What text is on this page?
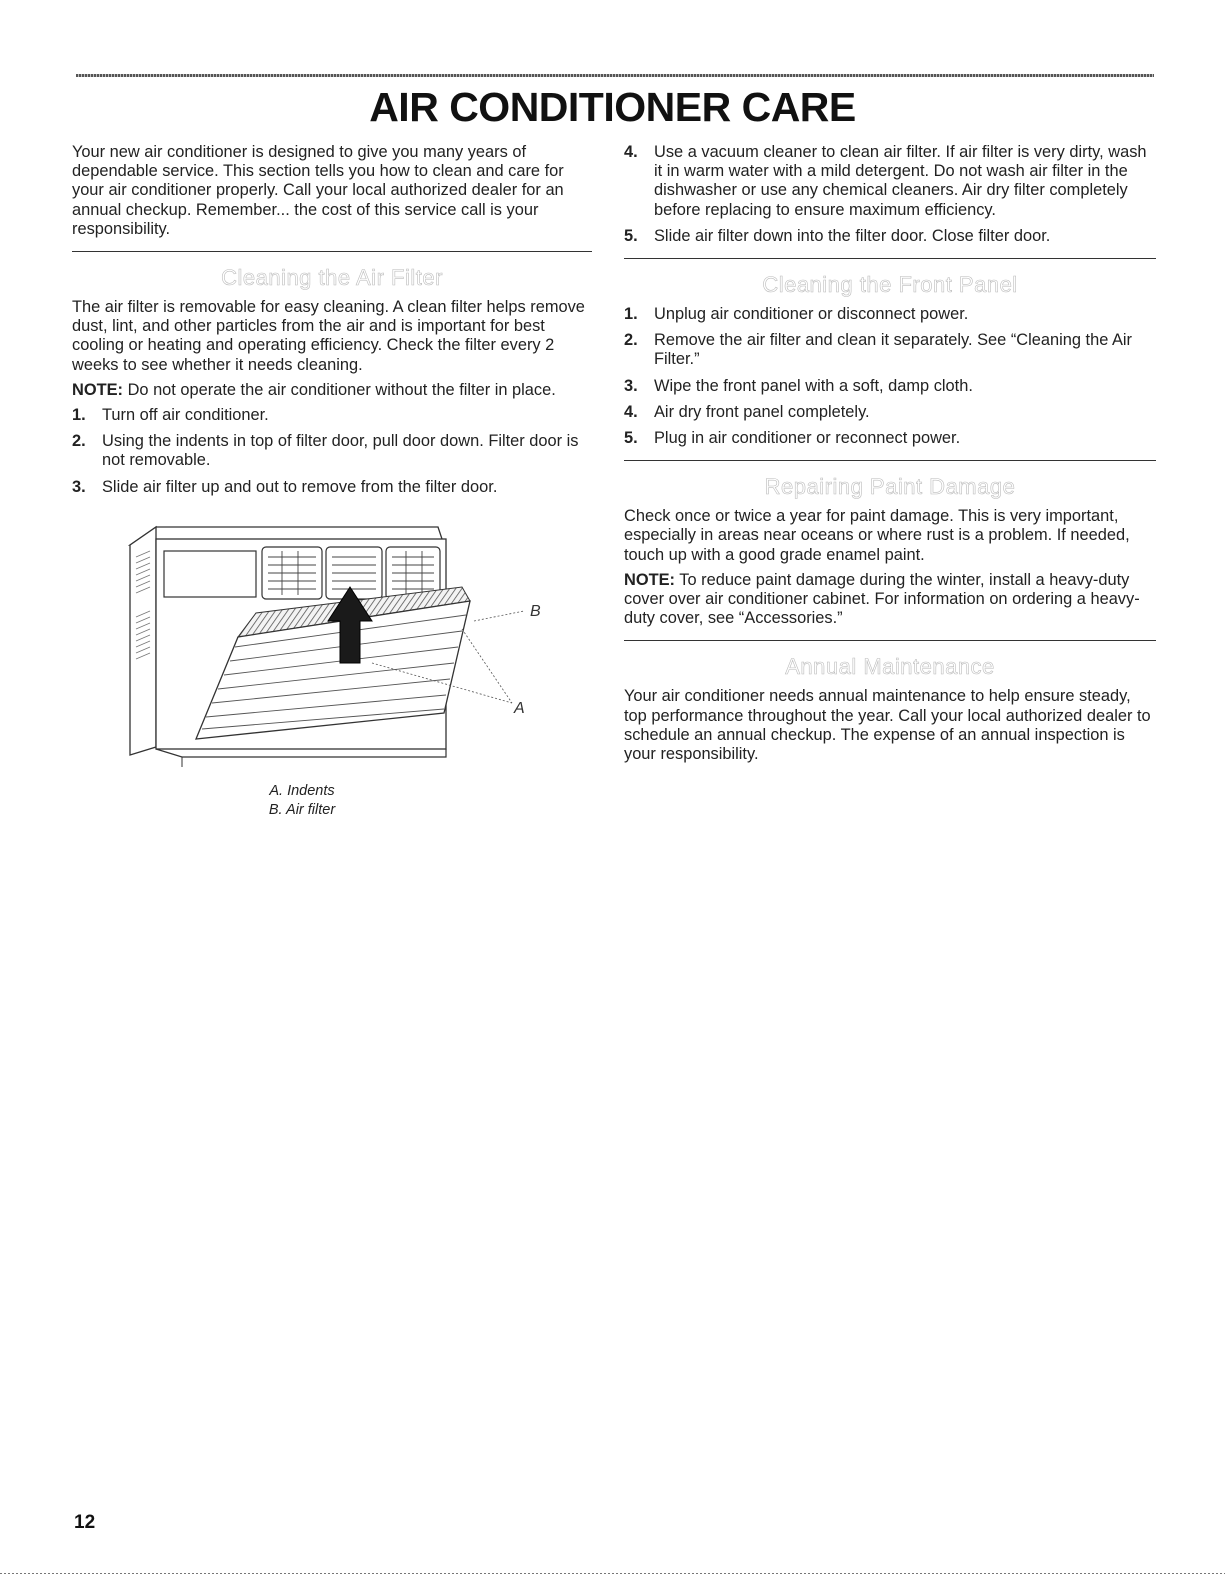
AIR CONDITIONER CARE

Your new air conditioner is designed to give you many years of dependable service. This section tells you how to clean and care for your air conditioner properly. Call your local authorized dealer for an annual checkup. Remember... the cost of this service call is your responsibility.

Cleaning the Air Filter

The air filter is removable for easy cleaning. A clean filter helps remove dust, lint, and other particles from the air and is important for best cooling or heating and operating efficiency. Check the filter every 2 weeks to see whether it needs cleaning.

NOTE: Do not operate the air conditioner without the filter in place.

1. Turn off air conditioner.
2. Using the indents in top of filter door, pull door down. Filter door is not removable.
3. Slide air filter up and out to remove from the filter door.
B
A
A. Indents
B. Air filter
4. Use a vacuum cleaner to clean air filter. If air filter is very dirty, wash it in warm water with a mild detergent. Do not wash air filter in the dishwasher or use any chemical cleaners. Air dry filter completely before replacing to ensure maximum efficiency.
5. Slide air filter down into the filter door. Close filter door.
Cleaning the Front Panel
1. Unplug air conditioner or disconnect power.
2. Remove the air filter and clean it separately. See “Cleaning the Air Filter.”
3. Wipe the front panel with a soft, damp cloth.
4. Air dry front panel completely.
5. Plug in air conditioner or reconnect power.
Repairing Paint Damage

Check once or twice a year for paint damage. This is very important, especially in areas near oceans or where rust is a problem. If needed, touch up with a good grade enamel paint.

NOTE: To reduce paint damage during the winter, install a heavy-duty cover over air conditioner cabinet. For information on ordering a heavy-duty cover, see “Accessories.”

Annual Maintenance

Your air conditioner needs annual maintenance to help ensure steady, top performance throughout the year. Call your local authorized dealer to schedule an annual checkup. The expense of an annual inspection is your responsibility.

12
